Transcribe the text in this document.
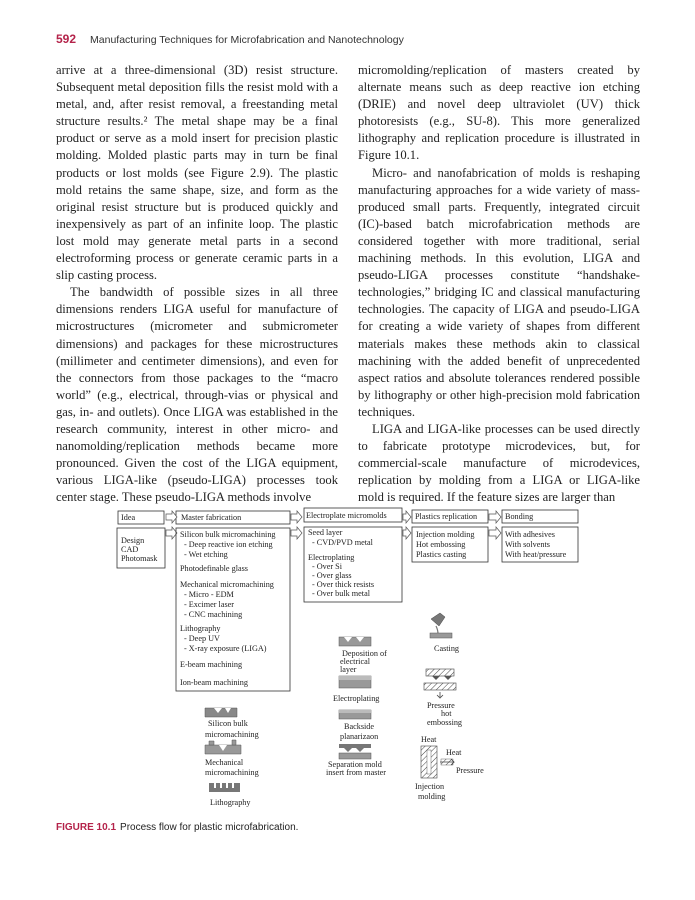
592 Manufacturing Techniques for Microfabrication and Nanotechnology

arrive at a three-dimensional (3D) resist structure. Subsequent metal deposition fills the resist mold with a metal, and, after resist removal, a freestanding metal structure results.² The metal shape may be a final product or serve as a mold insert for precision plastic molding. Molded plastic parts may in turn be final products or lost molds (see Figure 2.9). The plastic mold retains the same shape, size, and form as the original resist structure but is produced quickly and inexpensively as part of an infinite loop. The plastic lost mold may generate metal parts in a second electroforming process or generate ceramic parts in a slip casting process.

The bandwidth of possible sizes in all three dimensions renders LIGA useful for manufacture of microstructures (micrometer and submicrometer dimensions) and packages for these microstructures (millimeter and centimeter dimensions), and even for the connectors from those packages to the “macro world” (e.g., electrical, through-vias or physical and gas, in- and outlets). Once LIGA was established in the research community, interest in other micro- and nanomolding/replication methods became more pronounced. Given the cost of the LIGA equipment, various LIGA-like (pseudo-LIGA) processes took center stage. These pseudo-LIGA methods involve

micromolding/replication of masters created by alternate means such as deep reactive ion etching (DRIE) and novel deep ultraviolet (UV) thick photoresists (e.g., SU-8). This more generalized lithography and replication procedure is illustrated in Figure 10.1.

Micro- and nanofabrication of molds is reshaping manufacturing approaches for a wide variety of mass-produced small parts. Frequently, integrated circuit (IC)-based batch microfabrication methods are considered together with more traditional, serial machining methods. In this evolution, LIGA and pseudo-LIGA processes constitute “handshake-technologies,” bridging IC and classical manufacturing technologies. The capacity of LIGA and pseudo-LIGA for creating a wide variety of shapes from different materials makes these methods akin to classical machining with the added benefit of unprecedented aspect ratios and absolute tolerances rendered possible by lithography or other high-precision mold fabrication techniques.

LIGA and LIGA-like processes can be used directly to fabricate prototype microdevices, but, for commercial-scale manufacture of microdevices, replication by molding from a LIGA or LIGA-like mold is required. If the feature sizes are larger than

Idea	Master fabrication	Electroplate micromolds	Plastics replication	Bonding
Design
CAD
Photomask
Silicon bulk micromachining
- Deep reactive ion etching
- Wet etching
Photodefinable glass
Mechanical micromachining
- Micro - EDM
- Excimer laser
- CNC machining
Lithography
- Deep UV
- X-ray exposure (LIGA)
E-beam machining
Ion-beam machining
Seed layer
- CVD/PVD metal
Electroplating
- Over Si
- Over glass
- Over thick resists
- Over bulk metal
Injection molding
Hot embossing
Plastics casting
With adhesives
With solvents
With heat/pressure
Silicon bulk
micromachining
Mechanical
micromachining
Lithography
Deposition of
electrical
layer
Electroplating
Backside
planarizaon
Separation mold
insert from master
Casting
Pressure
hot
embossing
Heat
Heat
Pressure
Injection
molding
FIGURE 10.1 Process flow for plastic microfabrication.
